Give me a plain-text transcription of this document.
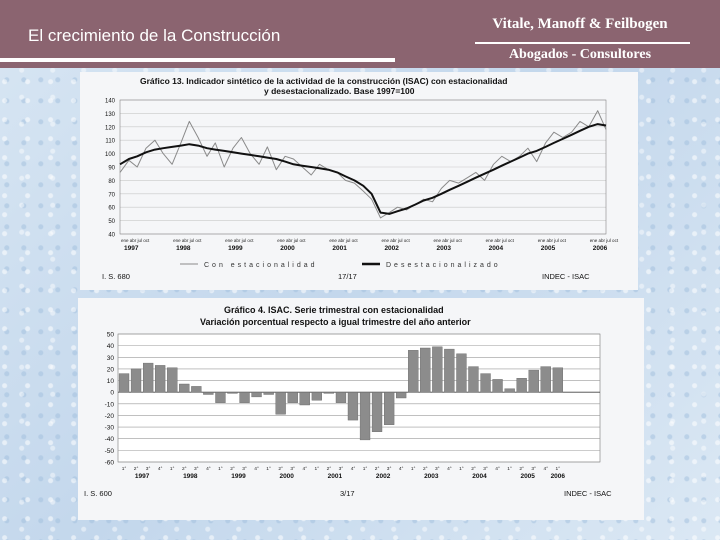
El crecimiento de la Construcción
Vitale, Manoff & Feilbogen
Abogados - Consultores
Gráfico 13. Indicador sintético de la actividad de la construcción (ISAC) con estacionalidad
y desestacionalizado. Base 1997=100
140
130
120
110
100
90
80
70
60
50
40
ene abr jul oct
1997
ene abr jul oct
1998
ene abr jul oct
1999
ene abr jul oct
2000
ene abr jul oct
2001
ene abr jul oct
2002
ene abr jul oct
2003
ene abr jul oct
2004
ene abr jul oct
2005
ene abr jul oct
2006
Con estacionalidad	Desestacionalizado
I. S. 680	17/17	INDEC - ISAC
Gráfico 4. ISAC. Serie trimestral con estacionalidad
Variación porcentual respecto a igual trimestre del año anterior
50
40
30
20
10
0
-10
-20
-30
-40
-50
-60
1° 2° 3° 4° 1° 2° 3° 4° 1° 2° 3° 4° 1° 2° 3° 4° 1° 2° 3° 4° 1° 2° 3° 4° 1° 2° 3° 4° 1° 2° 3° 4° 1° 2° 3° 4° 1°
1997	1998	1999	2000	2001	2002	2003	2004	2005 2006
I. S. 600	3/17	INDEC - ISAC
